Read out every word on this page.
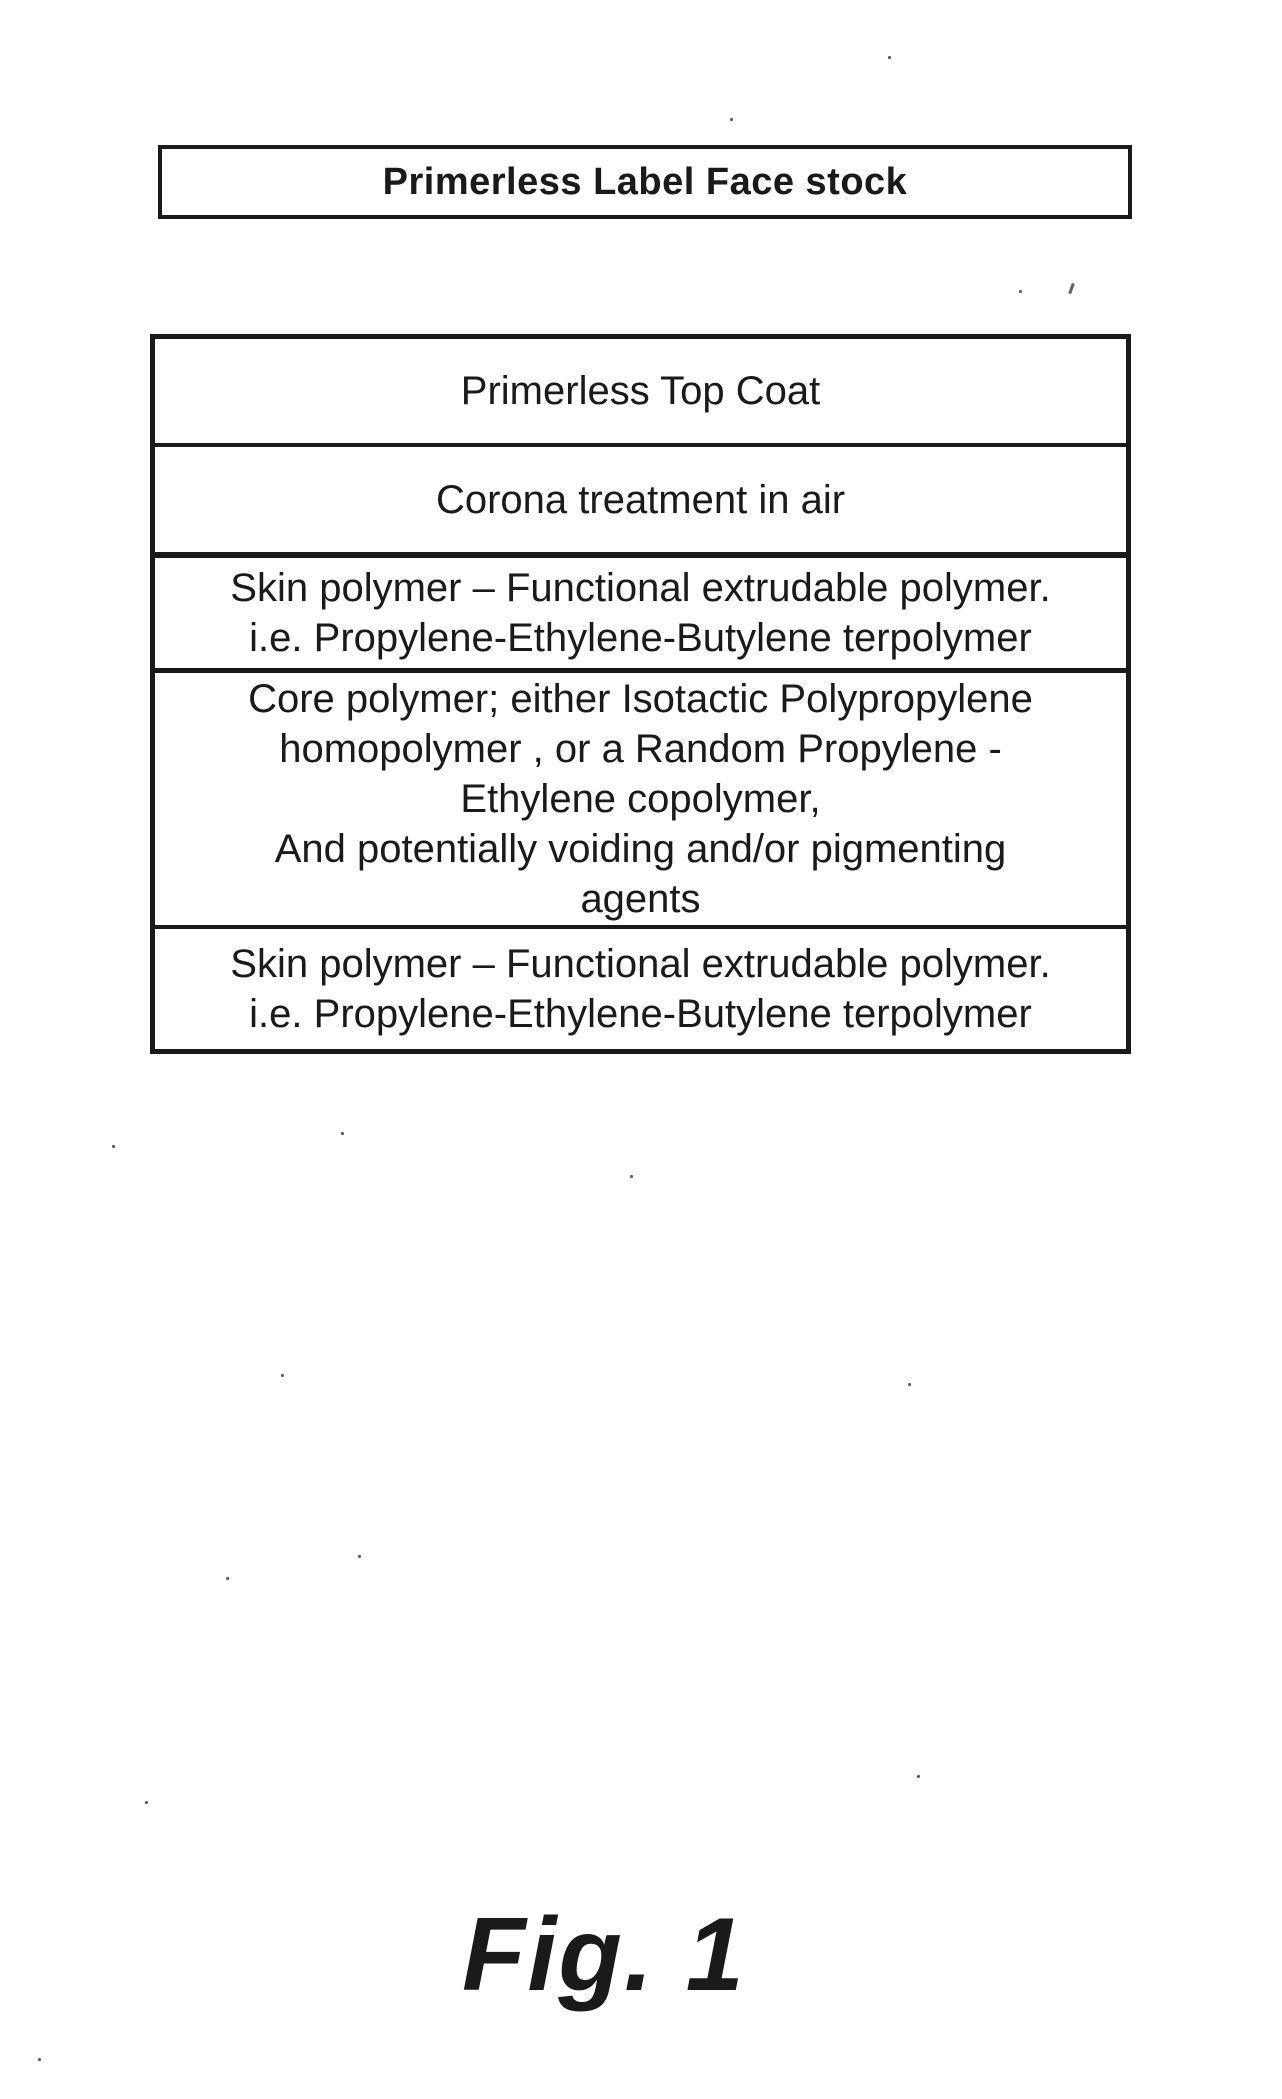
Primerless Label Face stock
Primerless Top Coat
Corona treatment in air
Skin polymer – Functional extrudable polymer.
i.e. Propylene-Ethylene-Butylene terpolymer
Core polymer; either Isotactic Polypropylene
homopolymer , or a Random Propylene -
Ethylene copolymer,
And potentially voiding and/or pigmenting
agents
Skin polymer – Functional extrudable polymer.
i.e. Propylene-Ethylene-Butylene terpolymer
Fig. 1
